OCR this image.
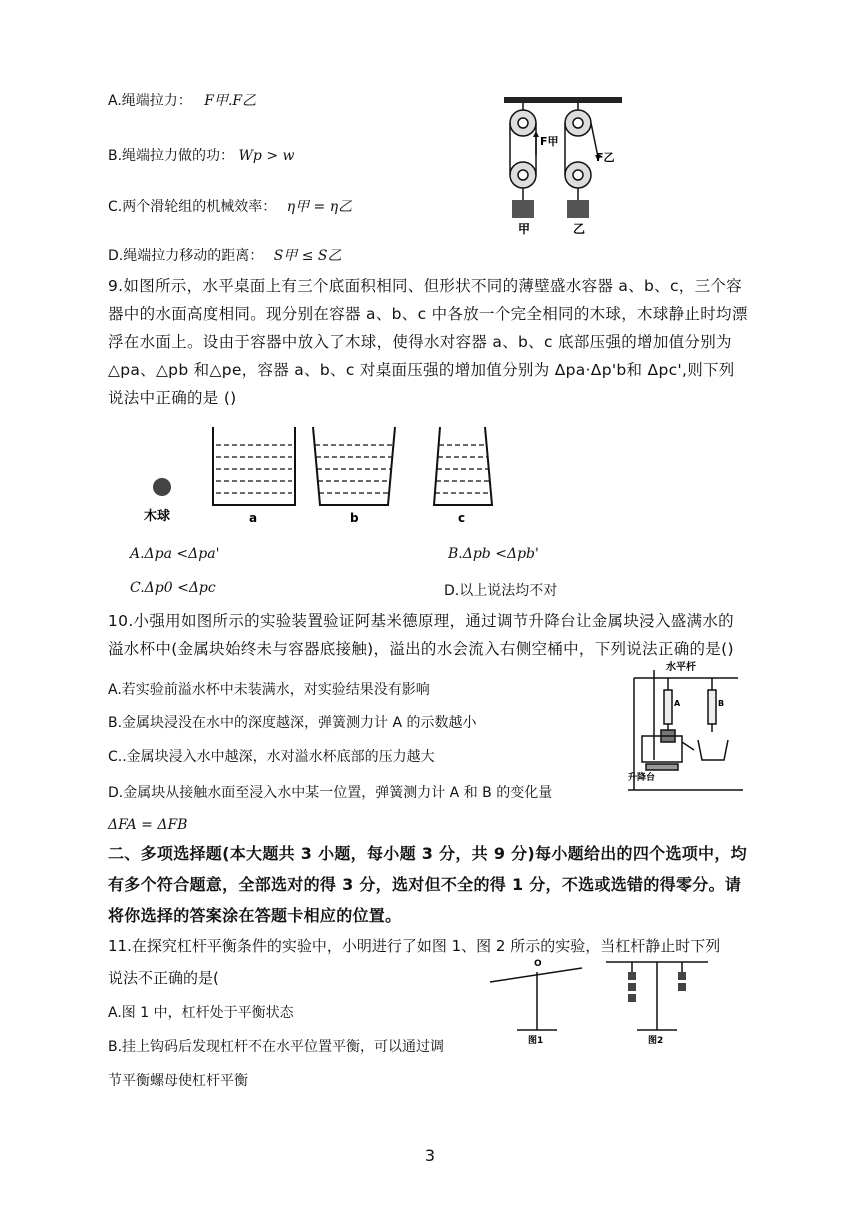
A.绳端拉力： F甲.F乙
B.绳端拉力做的功： Wp > w
C.两个滑轮组的机械效率： η甲 = η乙
D.绳端拉力移动的距离： S甲 ≤ S乙
F甲
F乙
甲	乙
9.如图所示，水平桌面上有三个底面积相同、但形状不同的薄壁盛水容器 a、b、c，三个容器中的水面高度相同。现分别在容器 a、b、c 中各放一个完全相同的木球，木球静止时均漂浮在水面上。设由于容器中放入了木球，使得水对容器 a、b、c 底部压强的增加值分别为△pa、△pb 和△pe，容器 a、b、c 对桌面压强的增加值分别为 Δpa·Δp'b和 Δpc',则下列说法中正确的是 ()
木球	a	b	c
A.Δpa <Δpa'	B.Δpb <Δpb'
C.Δp0 <Δpc	D.以上说法均不对
10.小强用如图所示的实验装置验证阿基米德原理，通过调节升降台让金属块浸入盛满水的溢水杯中(金属块始终未与容器底接触)，溢出的水会流入右侧空桶中，下列说法正确的是()
A.若实验前溢水杯中未装满水，对实验结果没有影响
B.金属块浸没在水中的深度越深，弹簧测力计 A 的示数越小
C..金属块浸入水中越深，水对溢水杯底部的压力越大
D.金属块从接触水面至浸入水中某一位置，弹簧测力计 A 和 B 的变化量
ΔFA = ΔFB
水平杆
A	B
升降台
二、多项选择题(本大题共 3 小题，每小题 3 分，共 9 分)每小题给出的四个选项中，均有多个符合题意，全部选对的得 3 分，选对但不全的得 1 分，不选或选错的得零分。请将你选择的答案涂在答题卡相应的位置。
11.在探究杠杆平衡条件的实验中，小明进行了如图 1、图 2 所示的实验，当杠杆静止时下列
说法不正确的是(
A.图 1 中，杠杆处于平衡状态
B.挂上钩码后发现杠杆不在水平位置平衡，可以通过调
节平衡螺母使杠杆平衡
O
图1	图2
3
